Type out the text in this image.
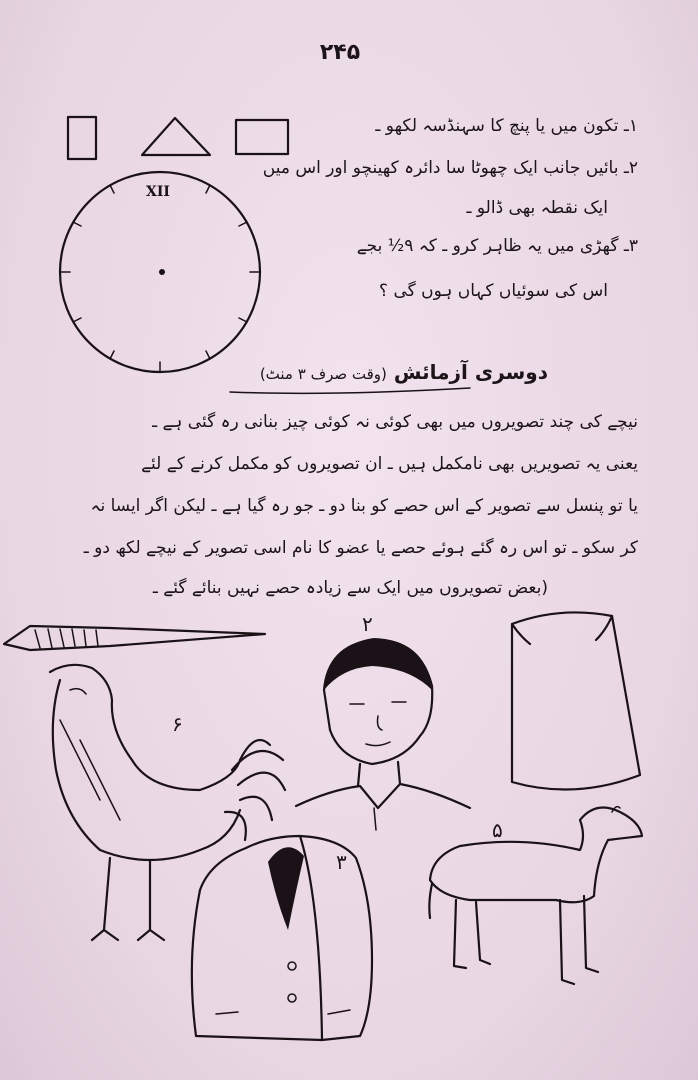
۲۴۵
۱ـ تکون میں یا پنچ کا سہنڈسہ لکھو ـ
۲ـ بائیں جانب ایک چھوٹا سا دائرہ کھینچو اور اس میں
ایک نقطہ بھی ڈالو ـ
۳ـ گھڑی میں یہ ظاہر کرو ـ کہ ۹½ بجے
اس کی سوئیاں کہاں ہوں گی ؟
دوسری آزمائش (وقت صرف ۳ منٹ)
نیچے کی چند تصویروں میں بھی کوئی نہ کوئی چیز بنانی رہ گئی ہے ـ
یعنی یہ تصویریں بھی نامکمل ہیں ـ ان تصویروں کو مکمل کرنے کے لئے
یا تو پنسل سے تصویر کے اس حصے کو بنا دو ـ جو رہ گیا ہے ـ لیکن اگر ایسا نہ
کر سکو ـ تو اس رہ گئے ہوئے حصے یا عضو کا نام اسی تصویر کے نیچے لکھ دو ـ
(بعض تصویروں میں ایک سے زیادہ حصے نہیں بنائے گئے ـ
XII
۲
۶
۳
۵
